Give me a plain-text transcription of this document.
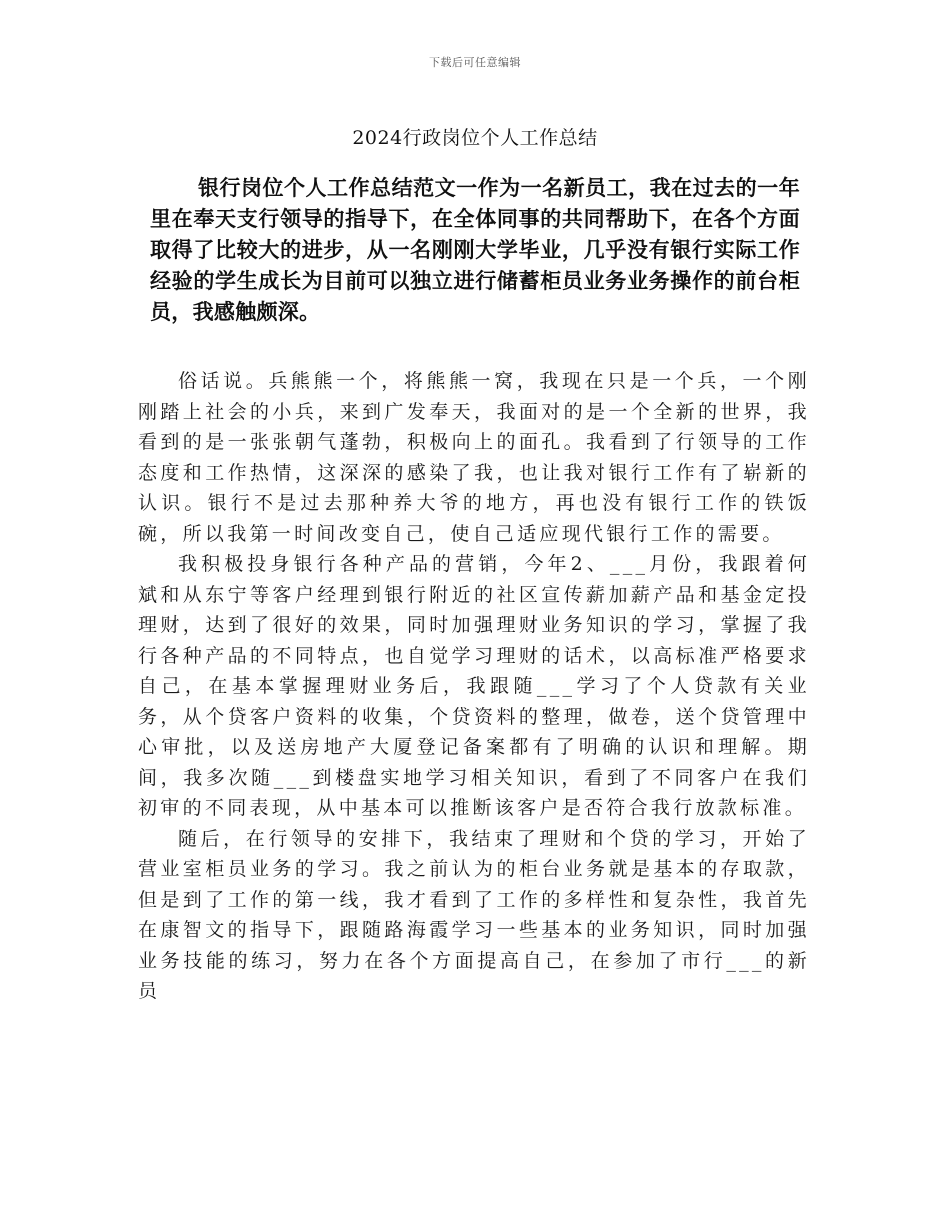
下载后可任意编辑
2024行政岗位个人工作总结

银行岗位个人工作总结范文一作为一名新员工，我在过去的一年里在奉天支行领导的指导下，在全体同事的共同帮助下，在各个方面取得了比较大的进步，从一名刚刚大学毕业，几乎没有银行实际工作经验的学生成长为目前可以独立进行储蓄柜员业务业务操作的前台柜员，我感触颇深。

俗话说。兵熊熊一个，将熊熊一窝，我现在只是一个兵，一个刚刚踏上社会的小兵，来到广发奉天，我面对的是一个全新的世界，我看到的是一张张朝气蓬勃，积极向上的面孔。我看到了行领导的工作态度和工作热情，这深深的感染了我，也让我对银行工作有了崭新的认识。银行不是过去那种养大爷的地方，再也没有银行工作的铁饭碗，所以我第一时间改变自己，使自己适应现代银行工作的需要。

我积极投身银行各种产品的营销，今年2、___月份，我跟着何斌和从东宁等客户经理到银行附近的社区宣传薪加薪产品和基金定投理财，达到了很好的效果，同时加强理财业务知识的学习，掌握了我行各种产品的不同特点，也自觉学习理财的话术，以高标准严格要求自己，在基本掌握理财业务后，我跟随___学习了个人贷款有关业务，从个贷客户资料的收集，个贷资料的整理，做卷，送个贷管理中心审批，以及送房地产大厦登记备案都有了明确的认识和理解。期间，我多次随___到楼盘实地学习相关知识，看到了不同客户在我们初审的不同表现，从中基本可以推断该客户是否符合我行放款标准。

随后，在行领导的安排下，我结束了理财和个贷的学习，开始了营业室柜员业务的学习。我之前认为的柜台业务就是基本的存取款，但是到了工作的第一线，我才看到了工作的多样性和复杂性，我首先在康智文的指导下，跟随路海霞学习一些基本的业务知识，同时加强业务技能的练习，努力在各个方面提高自己，在参加了市行___的新员
